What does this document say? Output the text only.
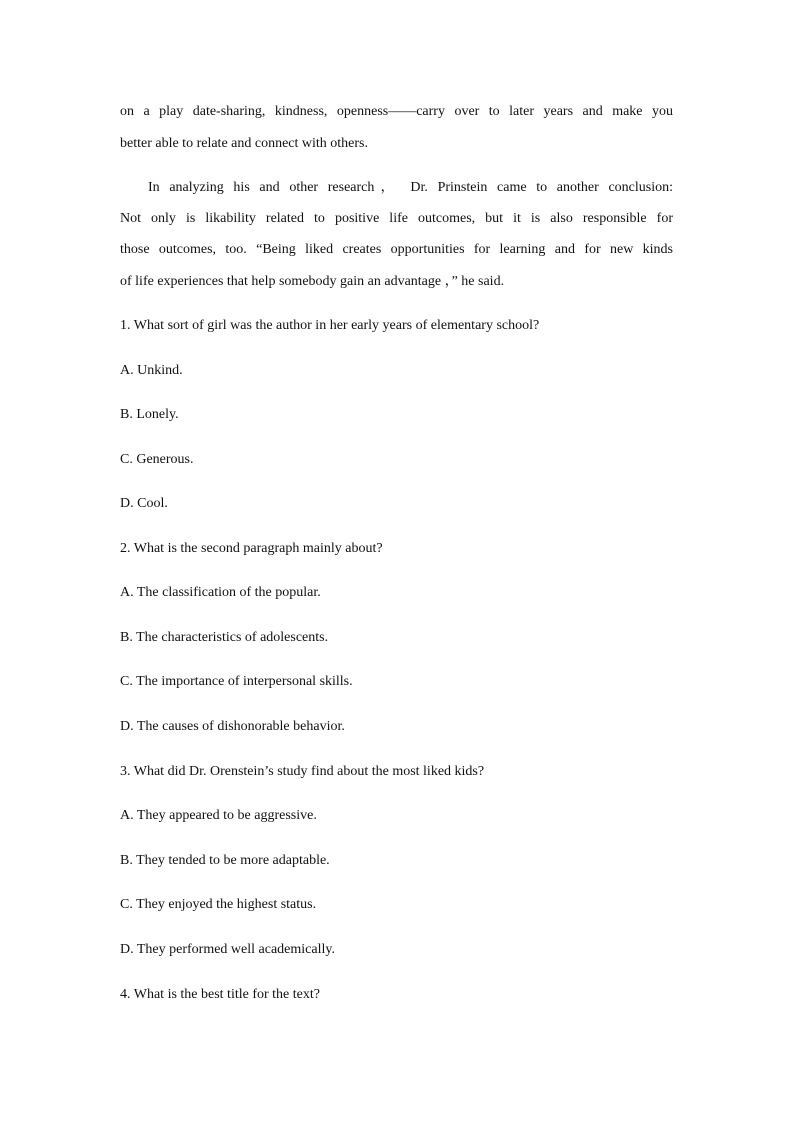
on a play date-sharing, kindness, openness——carry over to later years and make you
better able to relate and connect with others.
In analyzing his and other research， Dr. Prinstein came to another conclusion:
Not only is likability related to positive life outcomes, but it is also responsible for
those outcomes, too. “Being liked creates opportunities for learning and for new kinds
of life experiences that help somebody gain an advantage ，” he said.
1. What sort of girl was the author in her early years of elementary school?
A. Unkind.
B. Lonely.
C. Generous.
D. Cool.
2. What is the second paragraph mainly about?
A. The classification of the popular.
B. The characteristics of adolescents.
C. The importance of interpersonal skills.
D. The causes of dishonorable behavior.
3. What did Dr. Orenstein’s study find about the most liked kids?
A. They appeared to be aggressive.
B. They tended to be more adaptable.
C. They enjoyed the highest status.
D. They performed well academically.
4. What is the best title for the text?
